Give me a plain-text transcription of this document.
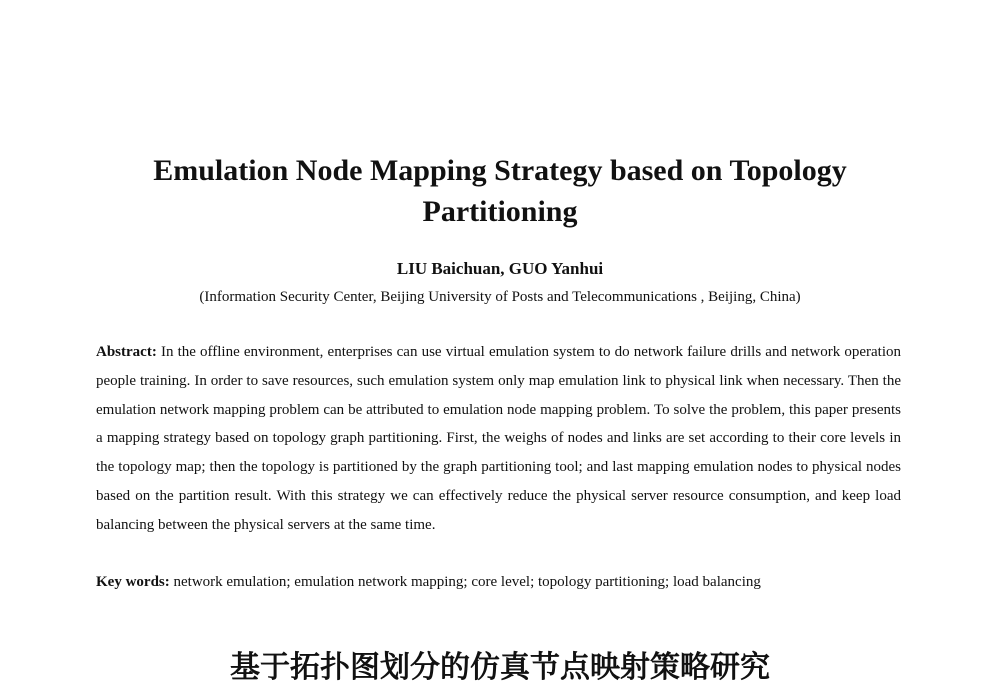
Emulation Node Mapping Strategy based on Topology Partitioning

LIU Baichuan, GUO Yanhui

(Information Security Center, Beijing University of Posts and Telecommunications , Beijing, China)

Abstract: In the offline environment, enterprises can use virtual emulation system to do network failure drills and network operation people training. In order to save resources, such emulation system only map emulation link to physical link when necessary. Then the emulation network mapping problem can be attributed to emulation node mapping problem. To solve the problem, this paper presents a mapping strategy based on topology graph partitioning. First, the weighs of nodes and links are set according to their core levels in the topology map; then the topology is partitioned by the graph partitioning tool; and last mapping emulation nodes to physical nodes based on the partition result. With this strategy we can effectively reduce the physical server resource consumption, and keep load balancing between the physical servers at the same time.

Key words: network emulation; emulation network mapping; core level; topology partitioning; load balancing

基于拓扑图划分的仿真节点映射策略研究
